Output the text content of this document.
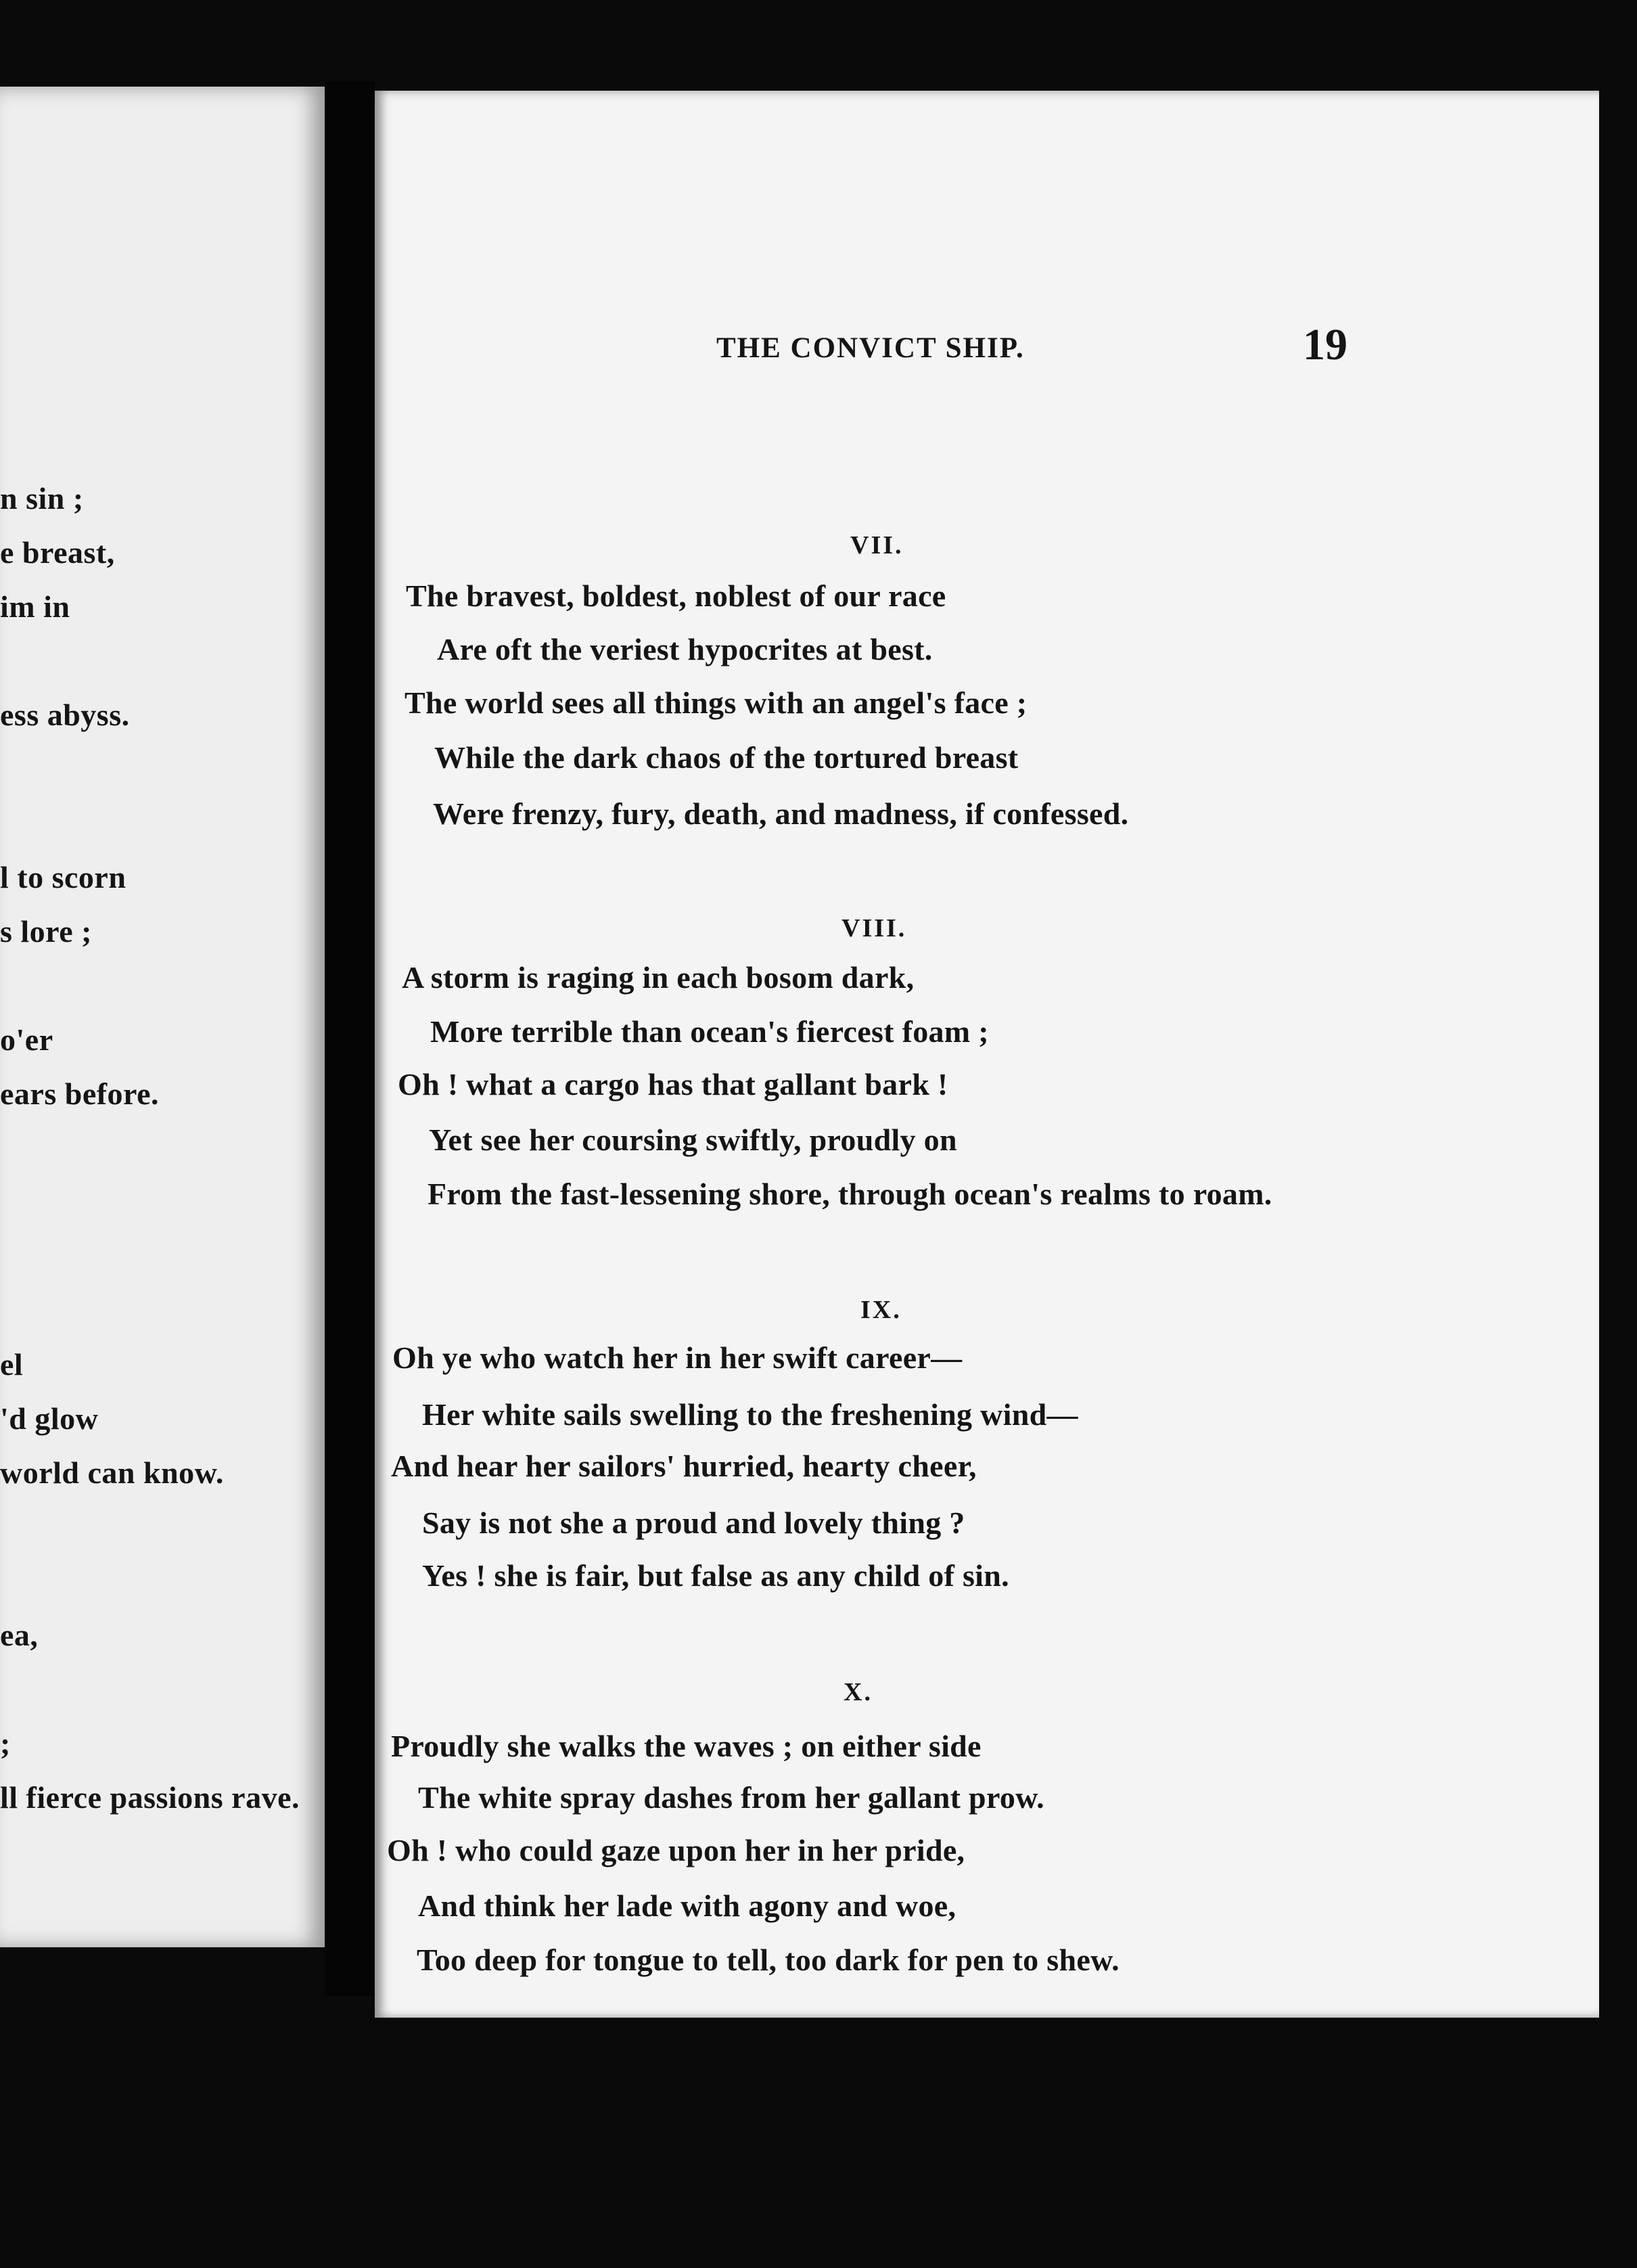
n sin ;
e breast,
im in
ess abyss.
l to scorn
s lore ;
o'er
ears before.
el
'd glow
world can know.
ea,
;
ll fierce passions rave.
THE CONVICT SHIP.	19
VII.
The bravest, boldest, noblest of our race
Are oft the veriest hypocrites at best.
The world sees all things with an angel's face ;
While the dark chaos of the tortured breast
Were frenzy, fury, death, and madness, if confessed.
VIII.
A storm is raging in each bosom dark,
More terrible than ocean's fiercest foam ;
Oh ! what a cargo has that gallant bark !
Yet see her coursing swiftly, proudly on
From the fast-lessening shore, through ocean's realms to roam.
IX.
Oh ye who watch her in her swift career—
Her white sails swelling to the freshening wind—
And hear her sailors' hurried, hearty cheer,
Say is not she a proud and lovely thing ?
Yes ! she is fair, but false as any child of sin.
X.
Proudly she walks the waves ; on either side
The white spray dashes from her gallant prow.
Oh ! who could gaze upon her in her pride,
And think her lade with agony and woe,
Too deep for tongue to tell, too dark for pen to shew.
